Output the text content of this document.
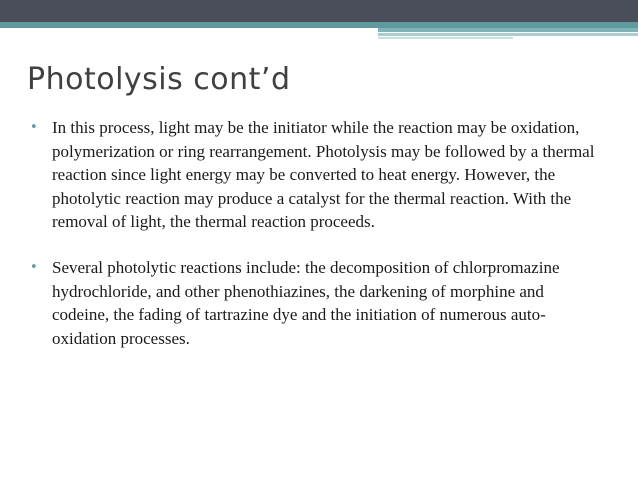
Photolysis cont’d
• In this process, light may be the initiator while the reaction may be oxidation, polymerization or ring rearrangement. Photolysis may be followed by a thermal reaction since light energy may be converted to heat energy. However, the photolytic reaction may produce a catalyst for the thermal reaction. With the removal of light, the thermal reaction proceeds.
• Several photolytic reactions include: the decomposition of chlorpromazine hydrochloride, and other phenothiazines, the darkening of morphine and codeine, the fading of tartrazine dye and the initiation of numerous auto-oxidation processes.
